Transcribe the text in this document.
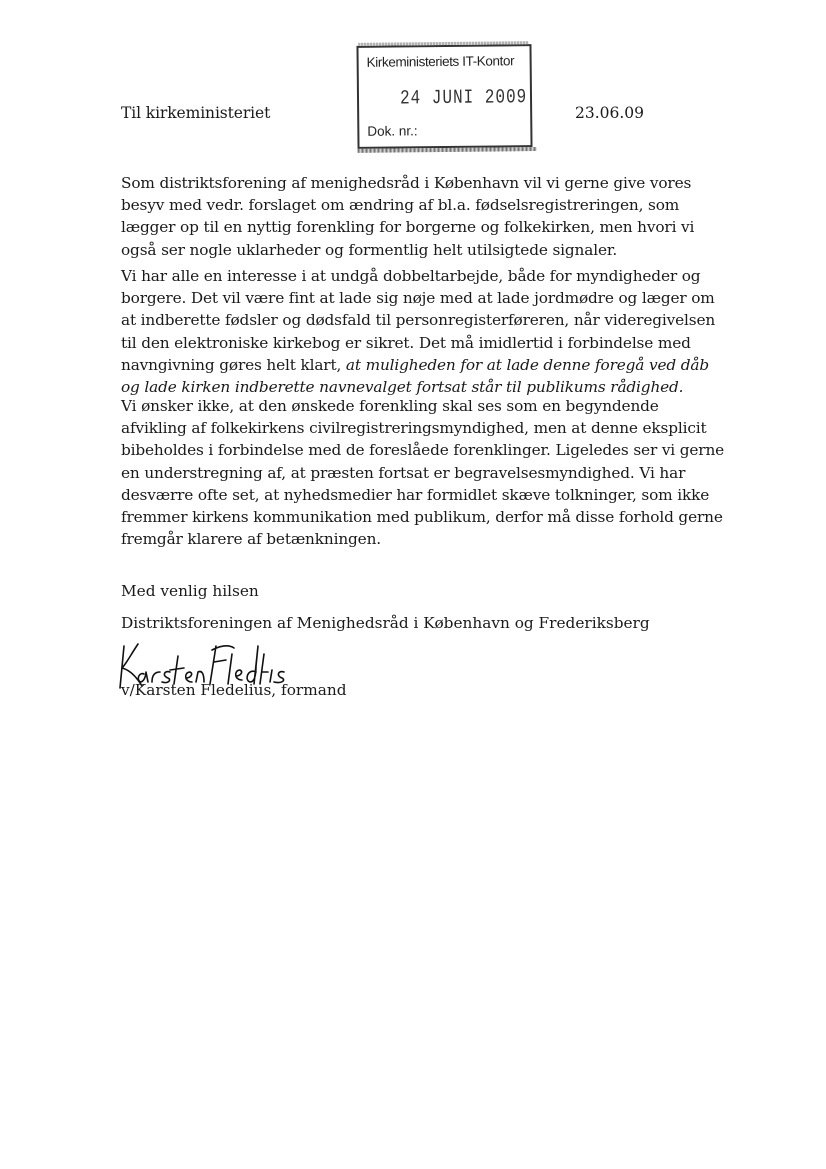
Til kirkeministeriet
Kirkeministeriets IT-Kontor
24 JUNI 2009
Dok. nr.:
23.06.09

Som distriktsforening af menighedsråd i København vil vi gerne give vores besyv med vedr. forslaget om ændring af bl.a. fødselsregistreringen, som lægger op til en nyttig forenkling for borgerne og folkekirken, men hvori vi også ser nogle uklarheder og formentlig helt utilsigtede signaler.

Vi har alle en interesse i at undgå dobbeltarbejde, både for myndigheder og borgere. Det vil være fint at lade sig nøje med at lade jordmødre og læger om at indberette fødsler og dødsfald til personregisterføreren, når videregivelsen til den elektroniske kirkebog er sikret. Det må imidlertid i forbindelse med navngivning gøres helt klart, at muligheden for at lade denne foregå ved dåb og lade kirken indberette navnevalget fortsat står til publikums rådighed.

Vi ønsker ikke, at den ønskede forenkling skal ses som en begyndende afvikling af folkekirkens civilregistreringsmyndighed, men at denne eksplicit bibeholdes i forbindelse med de foreslåede forenklinger. Ligeledes ser vi gerne en understregning af, at præsten fortsat er begravelsesmyndighed. Vi har desværre ofte set, at nyhedsmedier har formidlet skæve tolkninger, som ikke fremmer kirkens kommunikation med publikum, derfor må disse forhold gerne fremgår klarere af betænkningen.

Med venlig hilsen
Distriktsforeningen af Menighedsråd i København og Frederiksberg
v/Karsten Fledelius, formand
